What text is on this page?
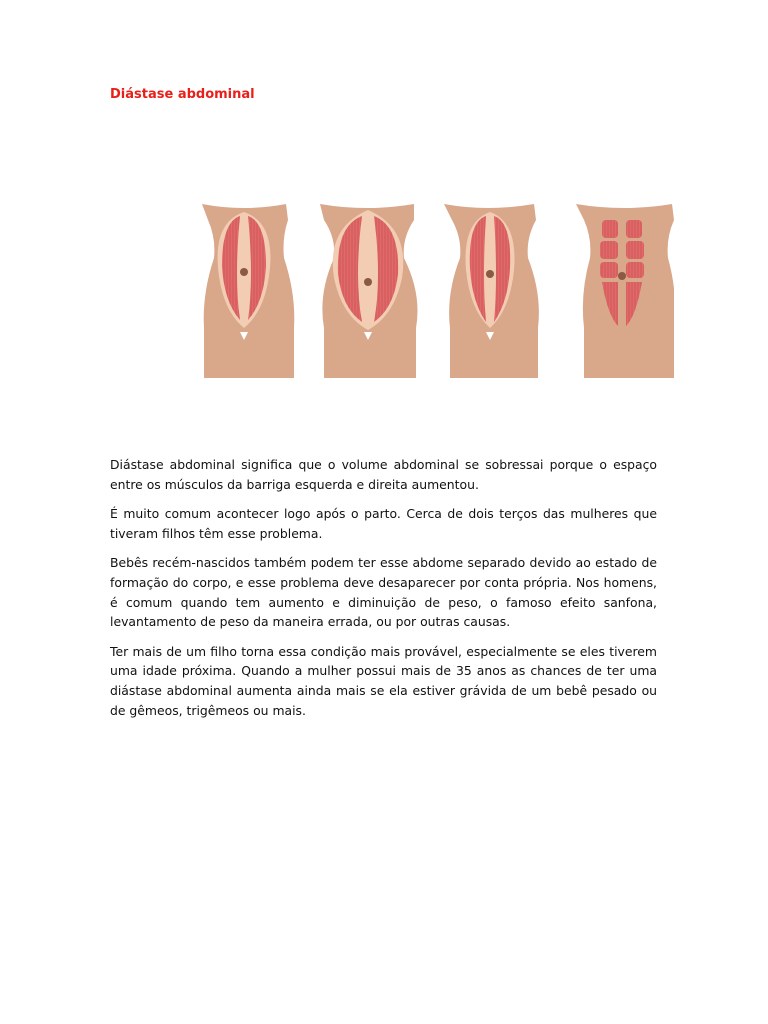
Diástase abdominal

Diástase abdominal significa que o volume abdominal se sobressai porque o espaço entre os músculos da barriga esquerda e direita aumentou.

É muito comum acontecer logo após o parto. Cerca de dois terços das mulheres que tiveram filhos têm esse problema.

Bebês recém-nascidos também podem ter esse abdome separado devido ao estado de formação do corpo, e esse problema deve desaparecer por conta própria. Nos homens, é comum quando tem aumento e diminuição de peso, o famoso efeito sanfona, levantamento de peso da maneira errada, ou por outras causas.

Ter mais de um filho torna essa condição mais provável, especialmente se eles tiverem uma idade próxima. Quando a mulher possui mais de 35 anos as chances de ter uma diástase abdominal aumenta ainda mais se ela estiver grávida de um bebê pesado ou de gêmeos, trigêmeos ou mais.
